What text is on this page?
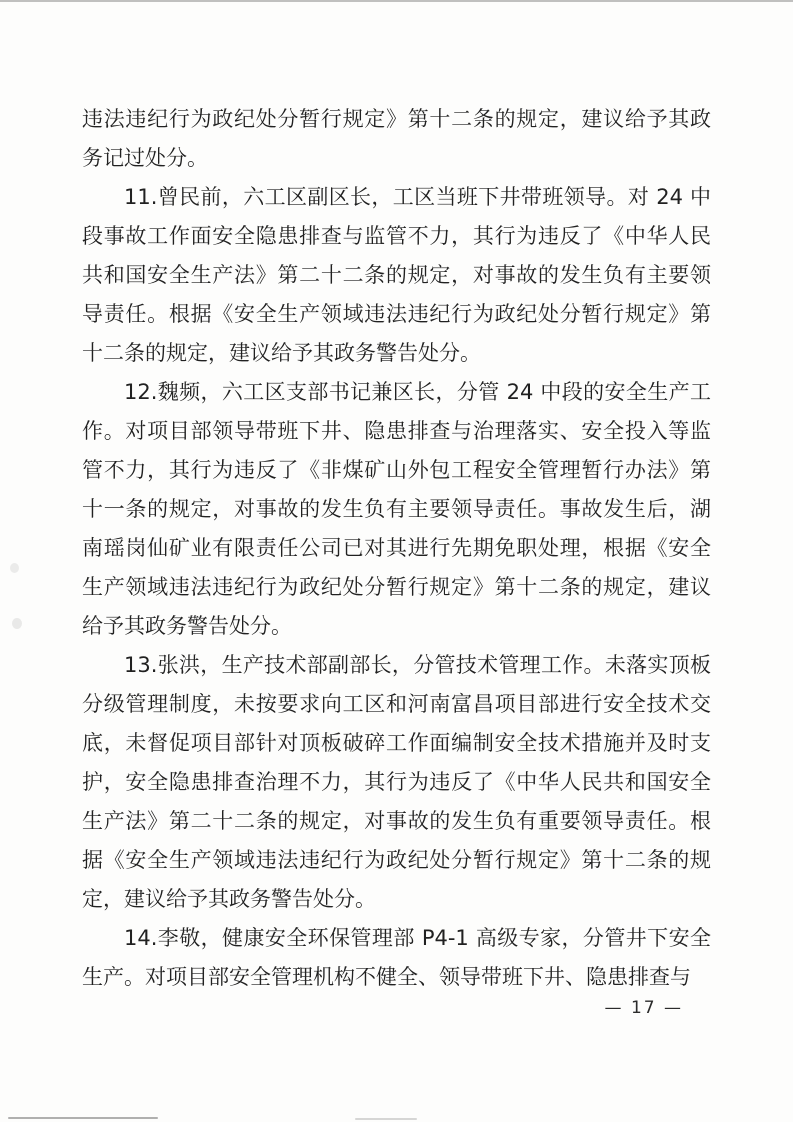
违法违纪行为政纪处分暂行规定》第十二条的规定，建议给予其政务记过处分。

11.曾民前，六工区副区长，工区当班下井带班领导。对 24 中段事故工作面安全隐患排查与监管不力，其行为违反了《中华人民共和国安全生产法》第二十二条的规定，对事故的发生负有主要领导责任。根据《安全生产领域违法违纪行为政纪处分暂行规定》第十二条的规定，建议给予其政务警告处分。

12.魏频，六工区支部书记兼区长，分管 24 中段的安全生产工作。对项目部领导带班下井、隐患排查与治理落实、安全投入等监管不力，其行为违反了《非煤矿山外包工程安全管理暂行办法》第十一条的规定，对事故的发生负有主要领导责任。事故发生后，湖南瑶岗仙矿业有限责任公司已对其进行先期免职处理，根据《安全生产领域违法违纪行为政纪处分暂行规定》第十二条的规定，建议给予其政务警告处分。

13.张洪，生产技术部副部长，分管技术管理工作。未落实顶板分级管理制度，未按要求向工区和河南富昌项目部进行安全技术交底，未督促项目部针对顶板破碎工作面编制安全技术措施并及时支护，安全隐患排查治理不力，其行为违反了《中华人民共和国安全生产法》第二十二条的规定，对事故的发生负有重要领导责任。根据《安全生产领域违法违纪行为政纪处分暂行规定》第十二条的规定，建议给予其政务警告处分。

14.李敬，健康安全环保管理部 P4-1 高级专家，分管井下安全生产。对项目部安全管理机构不健全、领导带班下井、隐患排查与

— 17 —
